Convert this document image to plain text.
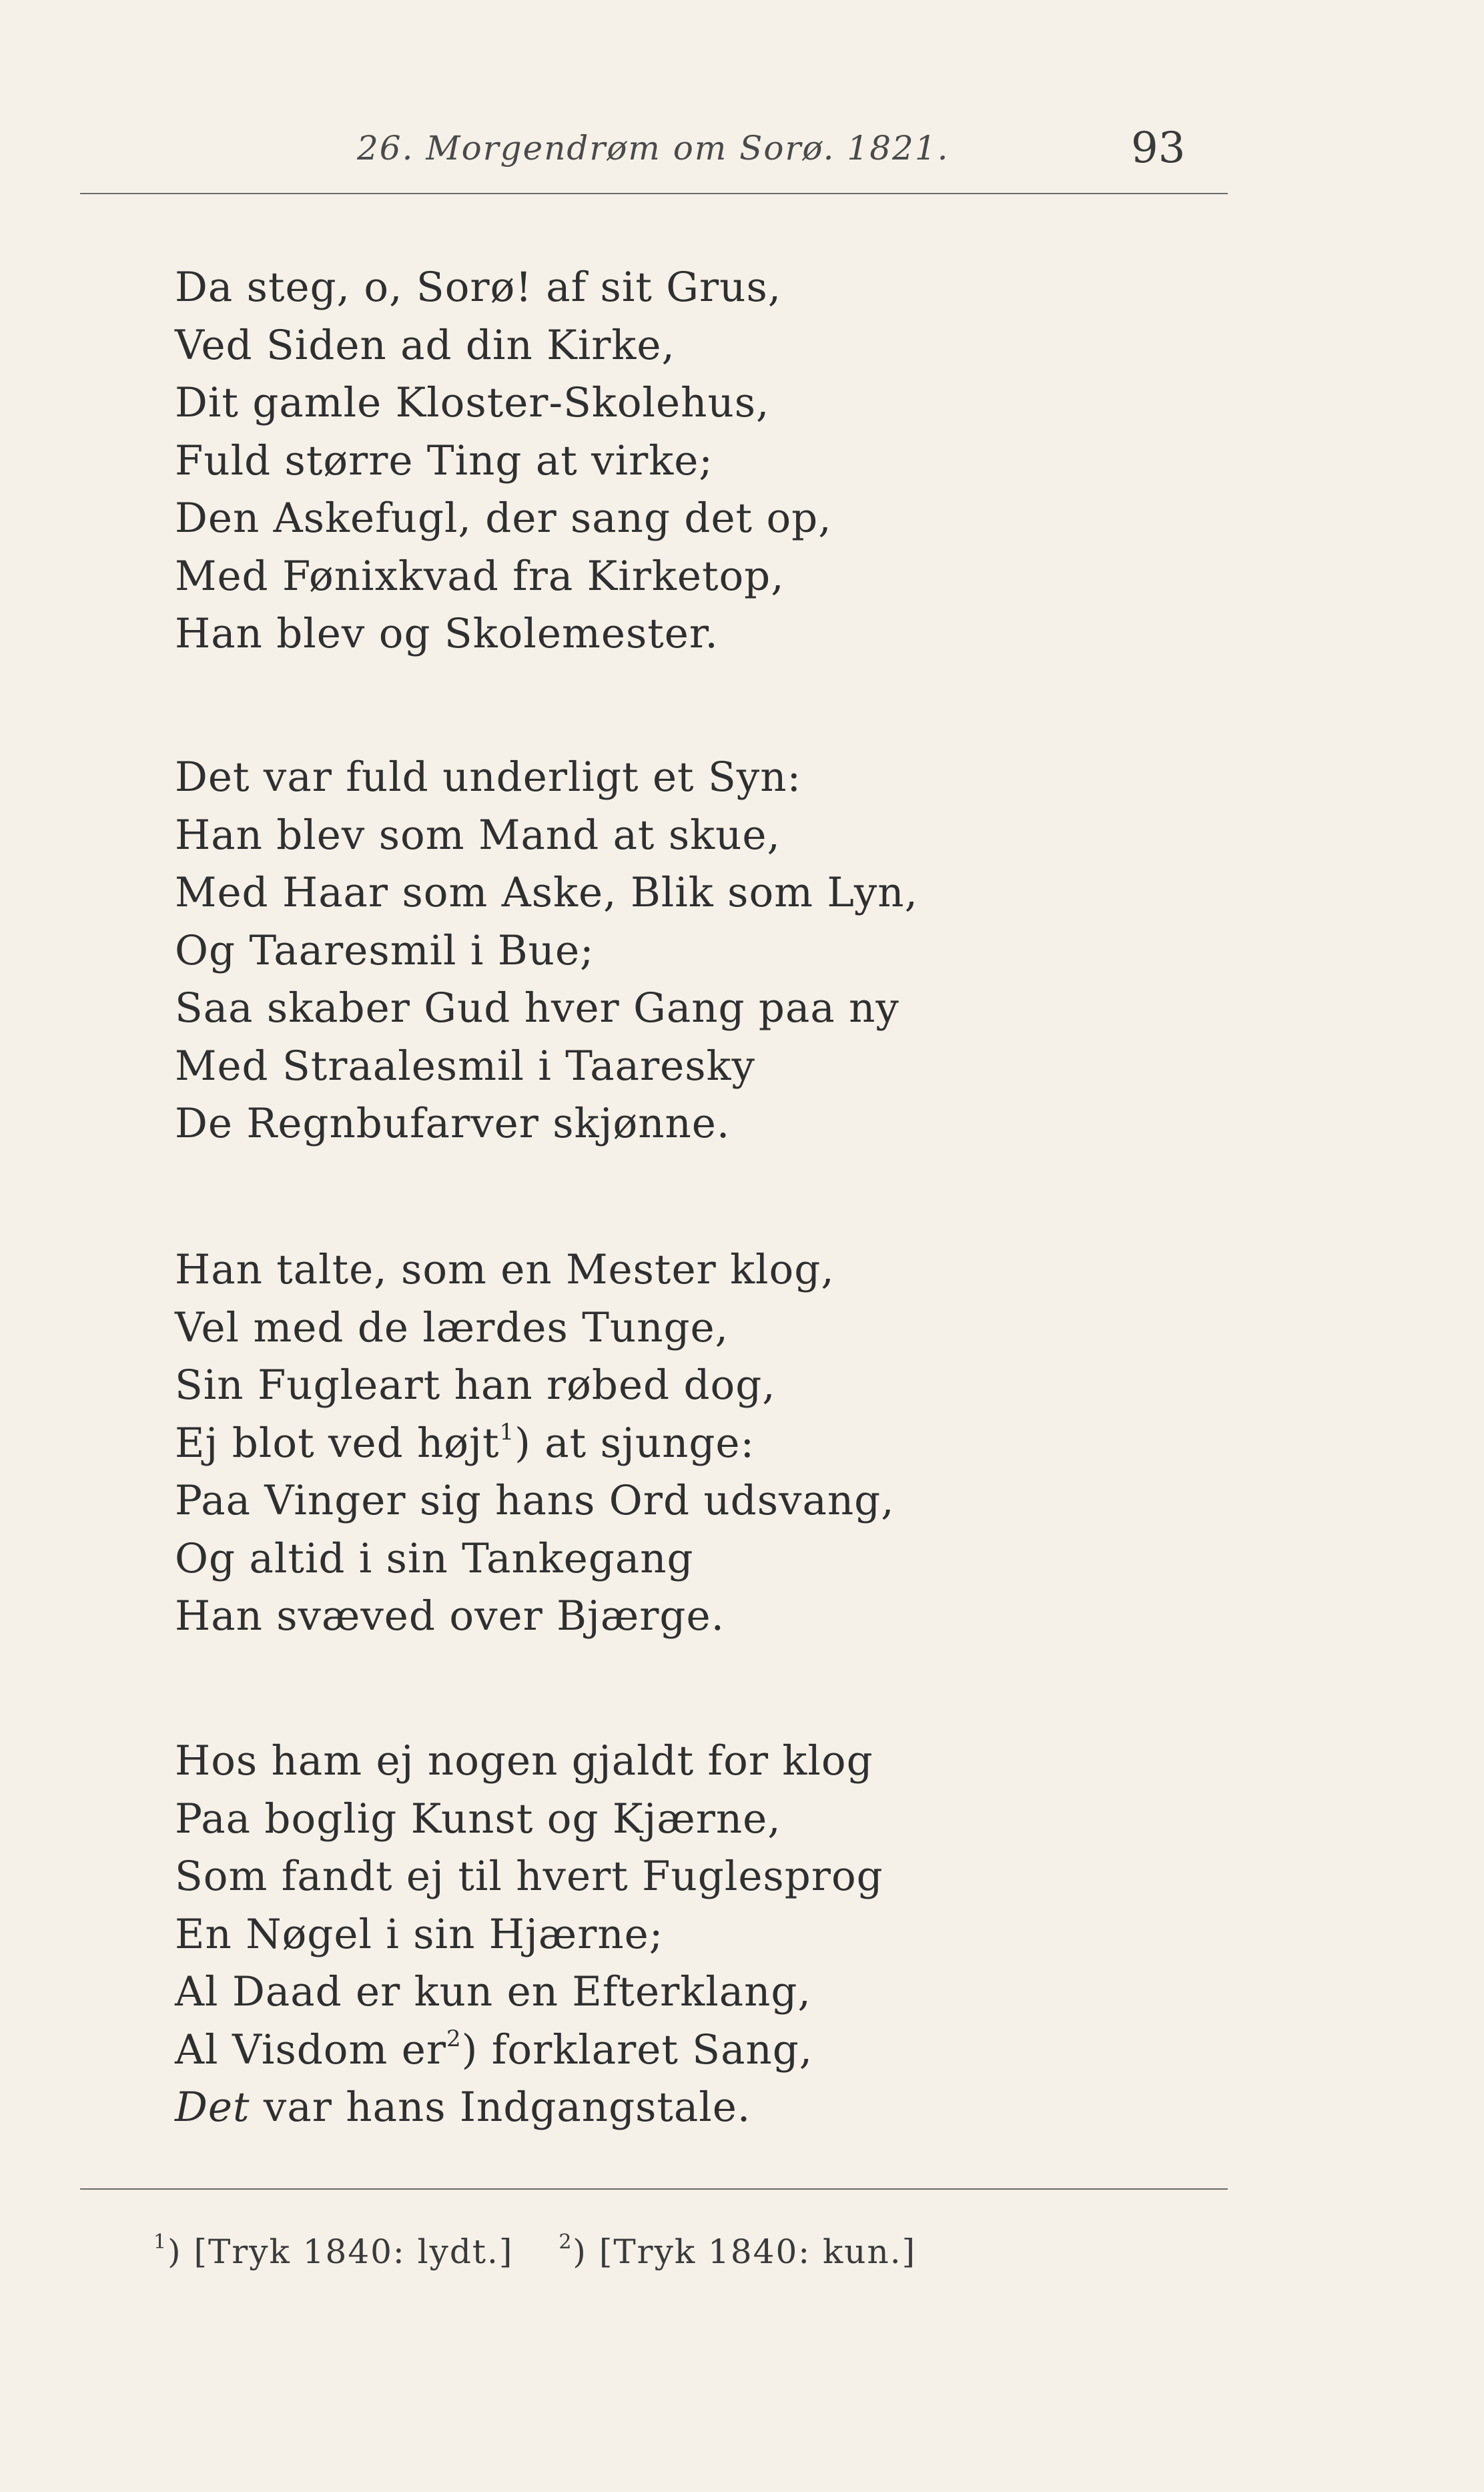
26. Morgendrøm om Sorø. 1821.	93
Da steg, o, Sorø! af sit Grus,
Ved Siden ad din Kirke,
Dit gamle Kloster-Skolehus,
Fuld større Ting at virke;
Den Askefugl, der sang det op,
Med Fønixkvad fra Kirketop,
Han blev og Skolemester.
Det var fuld underligt et Syn:
Han blev som Mand at skue,
Med Haar som Aske, Blik som Lyn,
Og Taaresmil i Bue;
Saa skaber Gud hver Gang paa ny
Med Straalesmil i Taaresky
De Regnbufarver skjønne.
Han talte, som en Mester klog,
Vel med de lærdes Tunge,
Sin Fugleart han røbed dog,
Ej blot ved højt$^1$) at sjunge:
Paa Vinger sig hans Ord udsvang,
Og altid i sin Tankegang
Han svæved over Bjærge.
Hos ham ej nogen gjaldt for klog
Paa boglig Kunst og Kjærne,
Som fandt ej til hvert Fuglesprog
En Nøgel i sin Hjærne;
Al Daad er kun en Efterklang,
Al Visdom $er^2$) forklaret Sang,
Det var hans Indgangstale.
$^1$) [Tryk 1840: lydt.] $^2$) [Tryk 1840: kun.]
